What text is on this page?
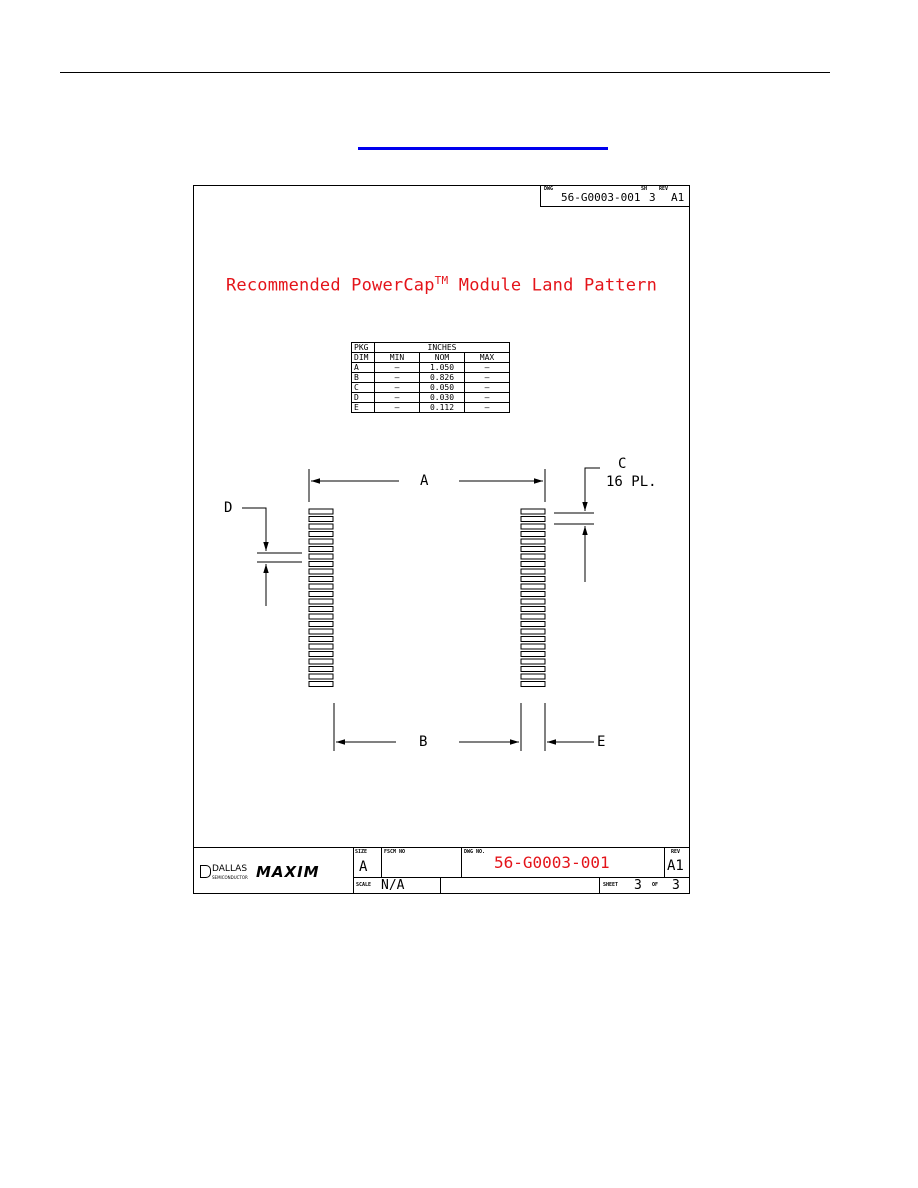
DWG
56-G0003-001
SH
3
REV
A1
Recommended PowerCap™ Module Land Pattern
PKG	INCHES		
DIM	MIN	NOM	MAX
A	—	1.050	—
B	—	0.826	—
C	—	0.050	—
D	—	0.030	—
E	—	0.112	—
A
B
C
16 PL.
D
E
DALLAS
SEMICONDUCTOR MAXIM
SIZE
A
FSCM NO	DWG NO.
56-G0003-001
REV
A1
SCALE N/A	SHEET 3 OF 3
